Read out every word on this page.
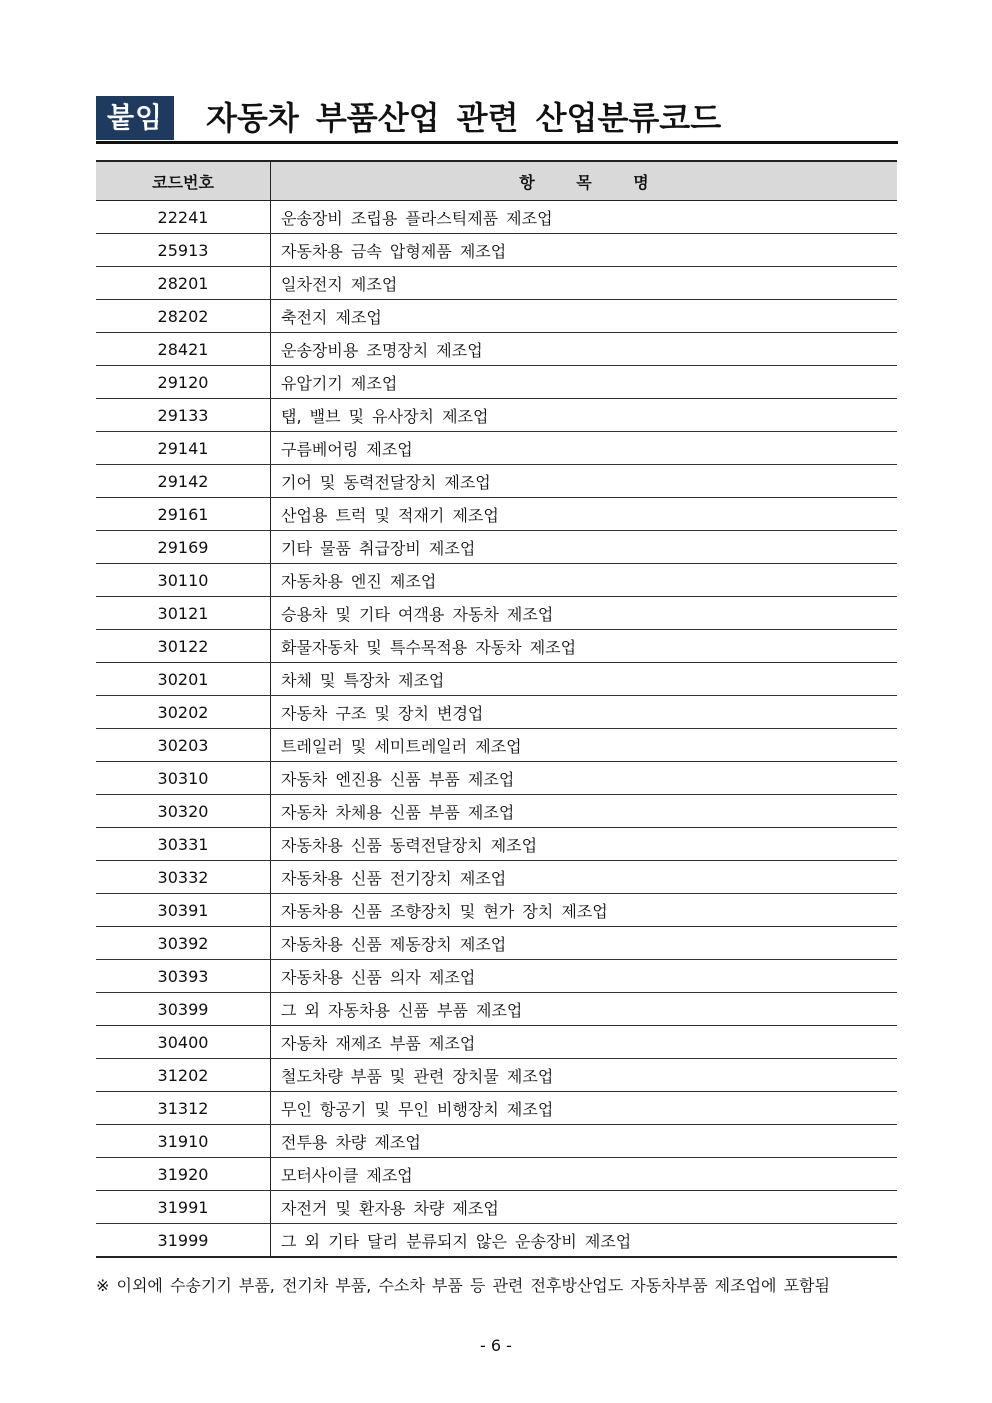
붙임	자동차 부품산업 관련 산업분류코드
코드번호	항 목 명
22241	운송장비 조립용 플라스틱제품 제조업
25913	자동차용 금속 압형제품 제조업
28201	일차전지 제조업
28202	축전지 제조업
28421	운송장비용 조명장치 제조업
29120	유압기기 제조업
29133	탭, 밸브 및 유사장치 제조업
29141	구름베어링 제조업
29142	기어 및 동력전달장치 제조업
29161	산업용 트럭 및 적재기 제조업
29169	기타 물품 취급장비 제조업
30110	자동차용 엔진 제조업
30121	승용차 및 기타 여객용 자동차 제조업
30122	화물자동차 및 특수목적용 자동차 제조업
30201	차체 및 특장차 제조업
30202	자동차 구조 및 장치 변경업
30203	트레일러 및 세미트레일러 제조업
30310	자동차 엔진용 신품 부품 제조업
30320	자동차 차체용 신품 부품 제조업
30331	자동차용 신품 동력전달장치 제조업
30332	자동차용 신품 전기장치 제조업
30391	자동차용 신품 조향장치 및 현가 장치 제조업
30392	자동차용 신품 제동장치 제조업
30393	자동차용 신품 의자 제조업
30399	그 외 자동차용 신품 부품 제조업
30400	자동차 재제조 부품 제조업
31202	철도차량 부품 및 관련 장치물 제조업
31312	무인 항공기 및 무인 비행장치 제조업
31910	전투용 차량 제조업
31920	모터사이클 제조업
31991	자전거 및 환자용 차량 제조업
31999	그 외 기타 달리 분류되지 않은 운송장비 제조업
※ 이외에 수송기기 부품, 전기차 부품, 수소차 부품 등 관련 전후방산업도 자동차부품 제조업에 포함됨
- 6 -
